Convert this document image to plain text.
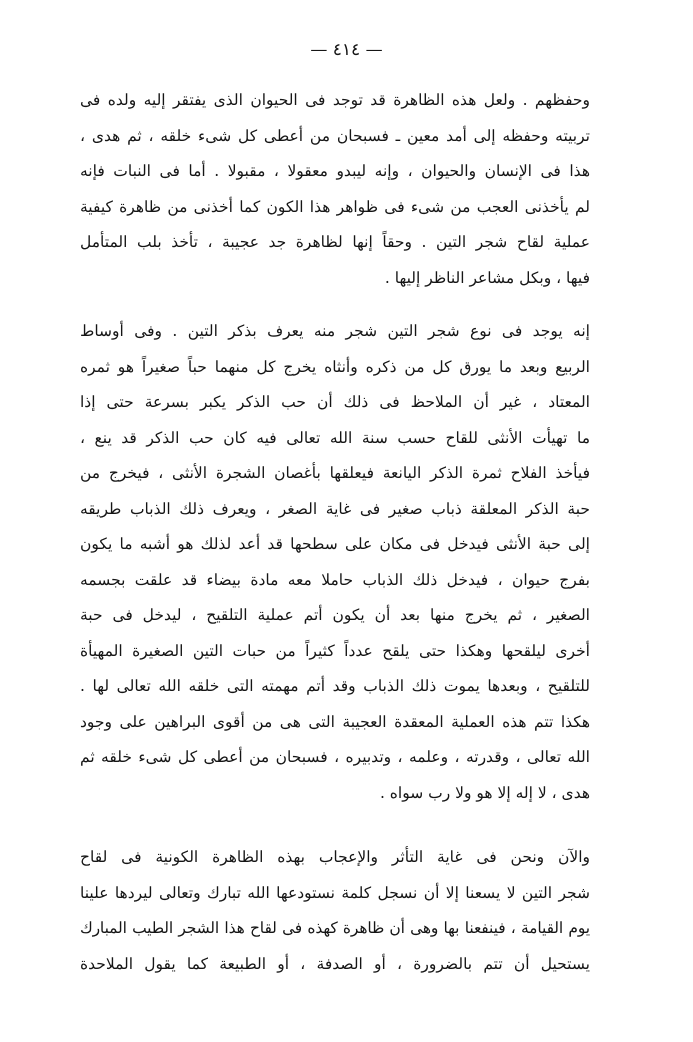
— ٤١٤ —
وحفظهم . ولعل هذه الظاهرة قد توجد فى الحيوان الذى يفتقر إليه ولده فى
تربيته وحفظه إلى أمد معين ـ فسبحان من أعطى كل شىء خلقه ، ثم هدى ،
هذا فى الإنسان والحيوان ، وإنه ليبدو معقولا ، مقبولا . أما فى النبات فإنه
لم يأخذنى العجب من شىء فى ظواهر هذا الكون كما أخذنى من ظاهرة كيفية
عملية لقاح شجر التين . وحقاً إنها لظاهرة جد عجيبة ، تأخذ بلب المتأمل
فيها ، وبكل مشاعر الناظر إليها .
إنه يوجد فى نوع شجر التين شجر منه يعرف بذكر التين . وفى أوساط
الربيع وبعد ما يورق كل من ذكره وأنثاه يخرج كل منهما حباً صغيراً هو ثمره
المعتاد ، غير أن الملاحظ فى ذلك أن حب الذكر يكبر بسرعة حتى إذا
ما تهيأت الأنثى للقاح حسب سنة الله تعالى فيه كان حب الذكر قد ينع ،
فيأخذ الفلاح ثمرة الذكر اليانعة فيعلقها بأغصان الشجرة الأنثى ، فيخرج من
حبة الذكر المعلقة ذباب صغير فى غاية الصغر ، ويعرف ذلك الذباب طريقه
إلى حبة الأنثى فيدخل فى مكان على سطحها قد أعد لذلك هو أشبه ما يكون
بفرج حيوان ، فيدخل ذلك الذباب حاملا معه مادة بيضاء قد علقت بجسمه
الصغير ، ثم يخرج منها بعد أن يكون أتم عملية التلقيح ، ليدخل فى حبة
أخرى ليلقحها وهكذا حتى يلقح عدداً كثيراً من حبات التين الصغيرة المهيأة
للتلقيح ، وبعدها يموت ذلك الذباب وقد أتم مهمته التى خلقه الله تعالى لها .
هكذا تتم هذه العملية المعقدة العجيبة التى هى من أقوى البراهين على وجود
الله تعالى ، وقدرته ، وعلمه ، وتدبيره ، فسبحان من أعطى كل شىء خلقه ثم
هدى ، لا إله إلا هو ولا رب سواه .
والآن ونحن فى غاية التأثر والإعجاب بهذه الظاهرة الكونية فى لقاح
شجر التين لا يسعنا إلا أن نسجل كلمة نستودعها الله تبارك وتعالى ليردها علينا
يوم القيامة ، فينفعنا بها وهى أن ظاهرة كهذه فى لقاح هذا الشجر الطيب المبارك
يستحيل أن تتم بالضرورة ، أو الصدفة ، أو الطبيعة كما يقول الملاحدة
